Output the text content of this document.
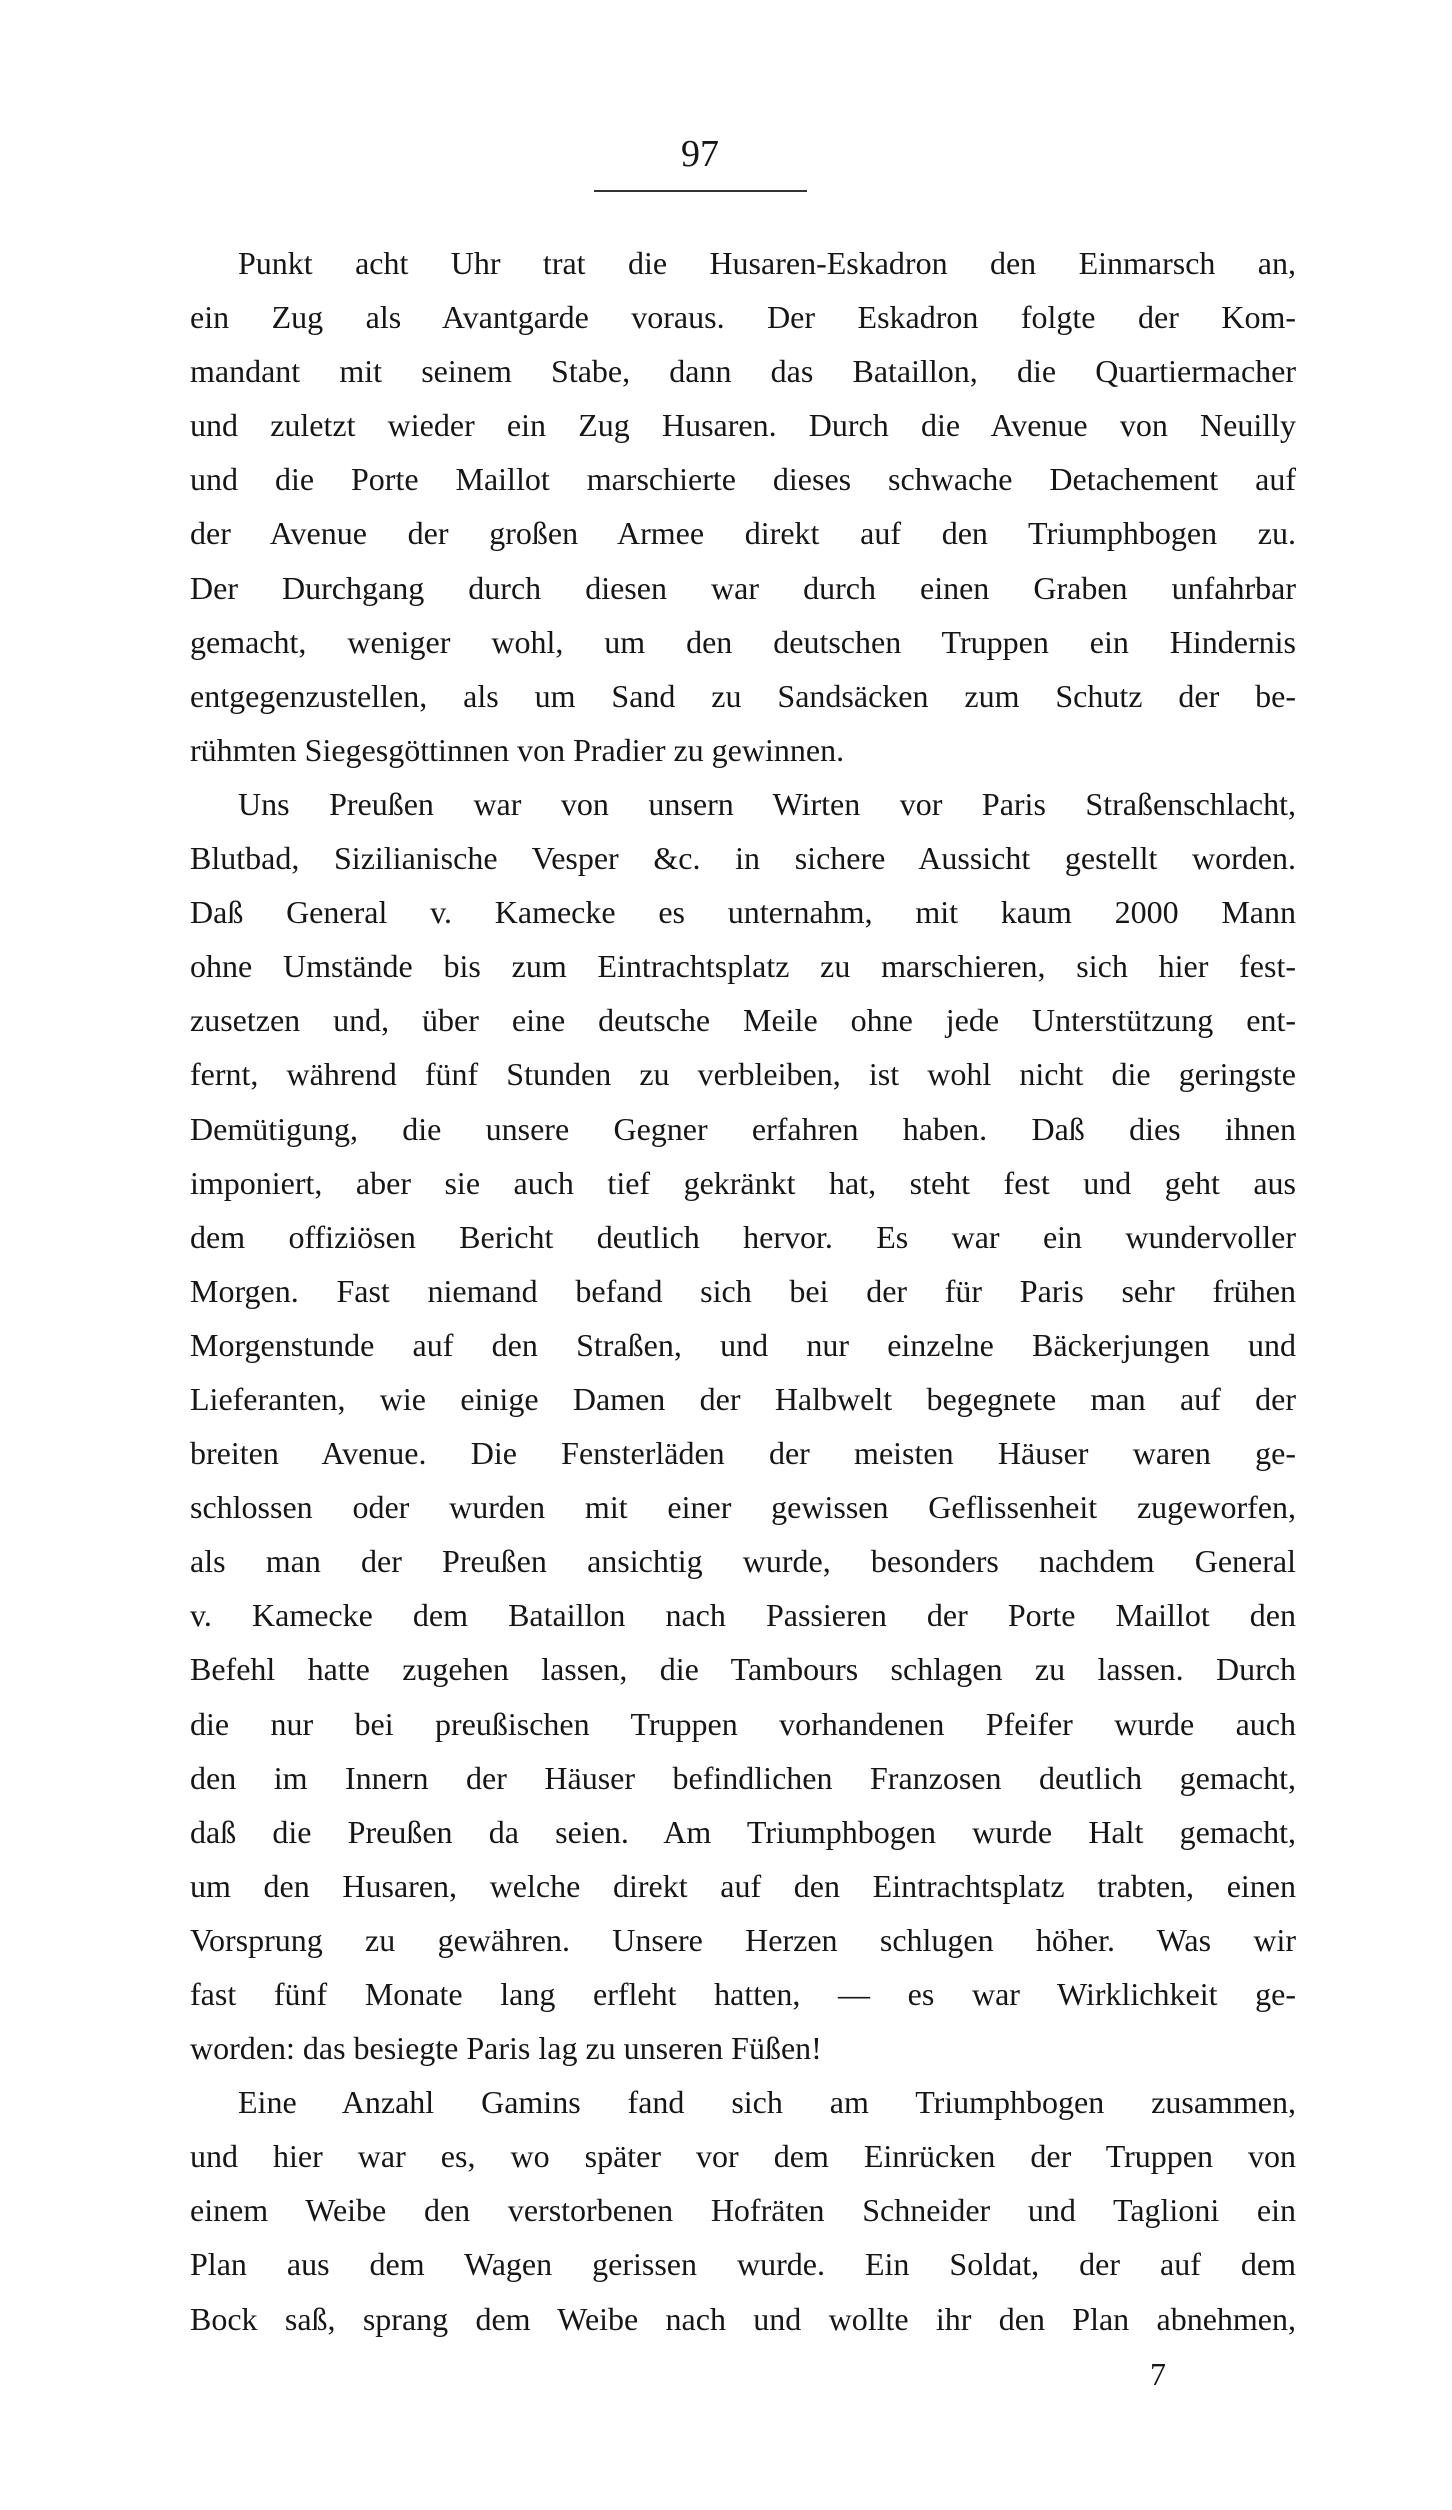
97
Punkt acht Uhr trat die Husaren-Eskadron den Einmarsch an,
ein Zug als Avantgarde voraus. Der Eskadron folgte der Kom-
mandant mit seinem Stabe, dann das Bataillon, die Quartiermacher
und zuletzt wieder ein Zug Husaren. Durch die Avenue von Neuilly
und die Porte Maillot marschierte dieses schwache Detachement auf
der Avenue der großen Armee direkt auf den Triumphbogen zu.
Der Durchgang durch diesen war durch einen Graben unfahrbar
gemacht, weniger wohl, um den deutschen Truppen ein Hindernis
entgegenzustellen, als um Sand zu Sandsäcken zum Schutz der be-
rühmten Siegesgöttinnen von Pradier zu gewinnen.
Uns Preußen war von unsern Wirten vor Paris Straßenschlacht,
Blutbad, Sizilianische Vesper &c. in sichere Aussicht gestellt worden.
Daß General v. Kamecke es unternahm, mit kaum 2000 Mann
ohne Umstände bis zum Eintrachtsplatz zu marschieren, sich hier fest-
zusetzen und, über eine deutsche Meile ohne jede Unterstützung ent-
fernt, während fünf Stunden zu verbleiben, ist wohl nicht die geringste
Demütigung, die unsere Gegner erfahren haben. Daß dies ihnen
imponiert, aber sie auch tief gekränkt hat, steht fest und geht aus
dem offiziösen Bericht deutlich hervor. Es war ein wundervoller
Morgen. Fast niemand befand sich bei der für Paris sehr frühen
Morgenstunde auf den Straßen, und nur einzelne Bäckerjungen und
Lieferanten, wie einige Damen der Halbwelt begegnete man auf der
breiten Avenue. Die Fensterläden der meisten Häuser waren ge-
schlossen oder wurden mit einer gewissen Geflissenheit zugeworfen,
als man der Preußen ansichtig wurde, besonders nachdem General
v. Kamecke dem Bataillon nach Passieren der Porte Maillot den
Befehl hatte zugehen lassen, die Tambours schlagen zu lassen. Durch
die nur bei preußischen Truppen vorhandenen Pfeifer wurde auch
den im Innern der Häuser befindlichen Franzosen deutlich gemacht,
daß die Preußen da seien. Am Triumphbogen wurde Halt gemacht,
um den Husaren, welche direkt auf den Eintrachtsplatz trabten, einen
Vorsprung zu gewähren. Unsere Herzen schlugen höher. Was wir
fast fünf Monate lang erfleht hatten, — es war Wirklichkeit ge-
worden: das besiegte Paris lag zu unseren Füßen!
Eine Anzahl Gamins fand sich am Triumphbogen zusammen,
und hier war es, wo später vor dem Einrücken der Truppen von
einem Weibe den verstorbenen Hofräten Schneider und Taglioni ein
Plan aus dem Wagen gerissen wurde. Ein Soldat, der auf dem
Bock saß, sprang dem Weibe nach und wollte ihr den Plan abnehmen,
7
